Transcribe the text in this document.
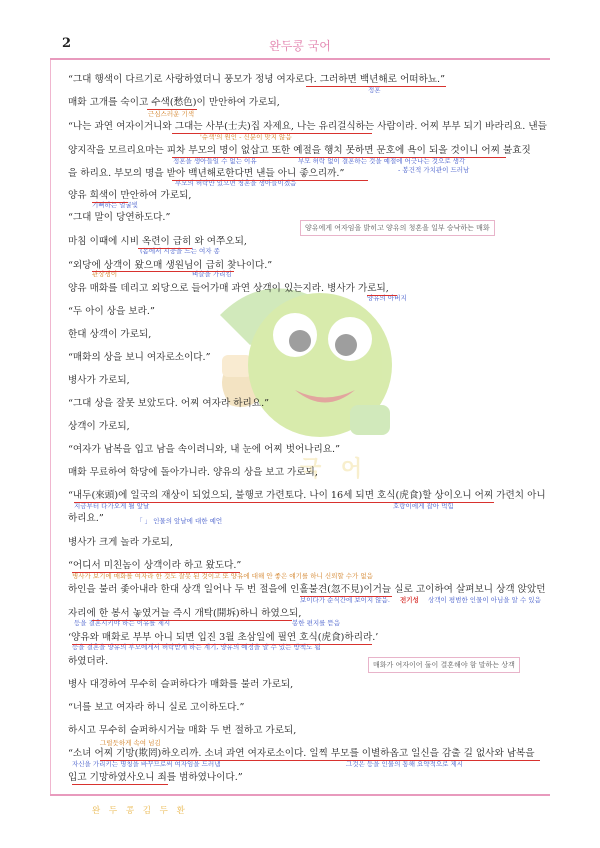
2	완두콩 국어
국 어
“그대 행색이 다르기로 사랑하였더니 풍모가 정녕 여자로다. 그러하면 백년해로 어떠하뇨.”
매화 고개를 숙이고 수색(愁色)이 만안하여 가로되,
“나는 과연 여자이거니와 그대는 사부(士夫)집 자제요, 나는 유리걸식하는 사람이라. 어찌 부부 되기 바라리요. 낸들
양지작을 모르리요마는 피차 부모의 명이 없삽고 또한 예절을 행치 못하면 문호에 욕이 되올 것이니 어찌 불효짓
을 하리요. 부모의 명을 받아 백년해로한다면 낸들 아니 좋으리까.”
양유 희색이 만안하여 가로되,
“그대 말이 당연하도다.”
마침 이때에 시비 옥련이 급히 와 여쭈오되,
“외당에 상객이 왔으매 생원님이 급히 찾나이다.”
양유 매화를 데리고 외당으로 들어가매 과연 상객이 있는지라. 병사가 가로되,
“두 아이 상을 보라.”
한대 상객이 가로되,
“매화의 상을 보니 여자로소이다.”
병사가 가로되,
“그대 상을 잘못 보았도다. 어찌 여자라 하리요.”
상객이 가로되,
“여자가 남복을 입고 남을 속이려니와, 내 눈에 어찌 벗어나리요.”
매화 무료하여 학당에 돌아가니라. 양유의 상을 보고 가로되,
“내두(來頭)에 일국의 재상이 되었으되, 불행코 가련토다. 나이 16세 되면 호식(虎食)할 상이오니 어찌 가련치 아니
하리요.”
병사가 크게 놀라 가로되,
“어디서 미친놈이 상객이라 하고 왔도다.”
하인을 불러 좇아내라 한대 상객 일어나 두 번 절을에 인홀불견(忽不見)이거늘 실로 고이하여 살펴보니 상객 앉았던
자리에 한 봉서 놓였거늘 즉시 개탁(開坼)하니 하였으되,
‘양유와 매화로 부부 아니 되면 입진 3월 초삼일에 필연 호식(虎食)하리라.’
하였더라.
병사 대경하여 무수히 슬퍼하다가 매화를 불러 가로되,
“너를 보고 여자라 하니 실로 고이하도다.”
하시고 무수히 슬퍼하시거늘 매화 두 번 절하고 가로되,
“소녀 어찌 기망(欺罔)하오리까. 소녀 과연 여자로소이다. 일찍 부모를 이별하옵고 일신을 감출 길 없사와 남복을
입고 기망하였사오니 죄를 범하였나이다.”
정혼
근심스러운 기색
'슈색'의 원인 - 신분이 맞지 않음
정혼을 생아들일 수 없는 이유	부모 허락 없이 결혼하는 것을 예절에 어긋나는 것으로 생각
- 봉건적 가치관이 드러남
부모의 허락만 있으면 청혼을 생아들이겠음
기뻐하는 얼굴빛
(몸에서 시중을 드는 여자 종
관상쟁이	벼슬을 가리킴
양유의 아버지
지금부터 다가오게 될 앞날	호랑이에게 잡아 먹힘
「 」 인물의 앞날에 대한 예언
병사가 보기에 매화를 여자라 한 것도 잘못 된 것이고 또 양유에 대해 안 좋은 얘기를 하니 신뢰할 수가 없음
보이다가 순식간에 보이지 않음. 전기성 상객이 평범한 인물이 아님을 알 수 있음
봉한 편지를 뜯음
등을 결혼시키야 하는 이유를 제시
등을 결혼을 양유의 부모에게서 허락받게 하는 계기, 양유의 예정을 알 수 있는 방책도 됨
그럴듯하게 속여 넘김
자신을 가리키는 명칭을 바꾸므로써 여자임을 드러냄	그것은 등을 인물의 통해 요약적으로 제시
양유에게 여자임을 밝히고 양유의 청혼을 일부 승낙하는 매화
매화가 여자이어 둘이 결혼해야 함 말하는 상객
완 두 콩 김 두 환
